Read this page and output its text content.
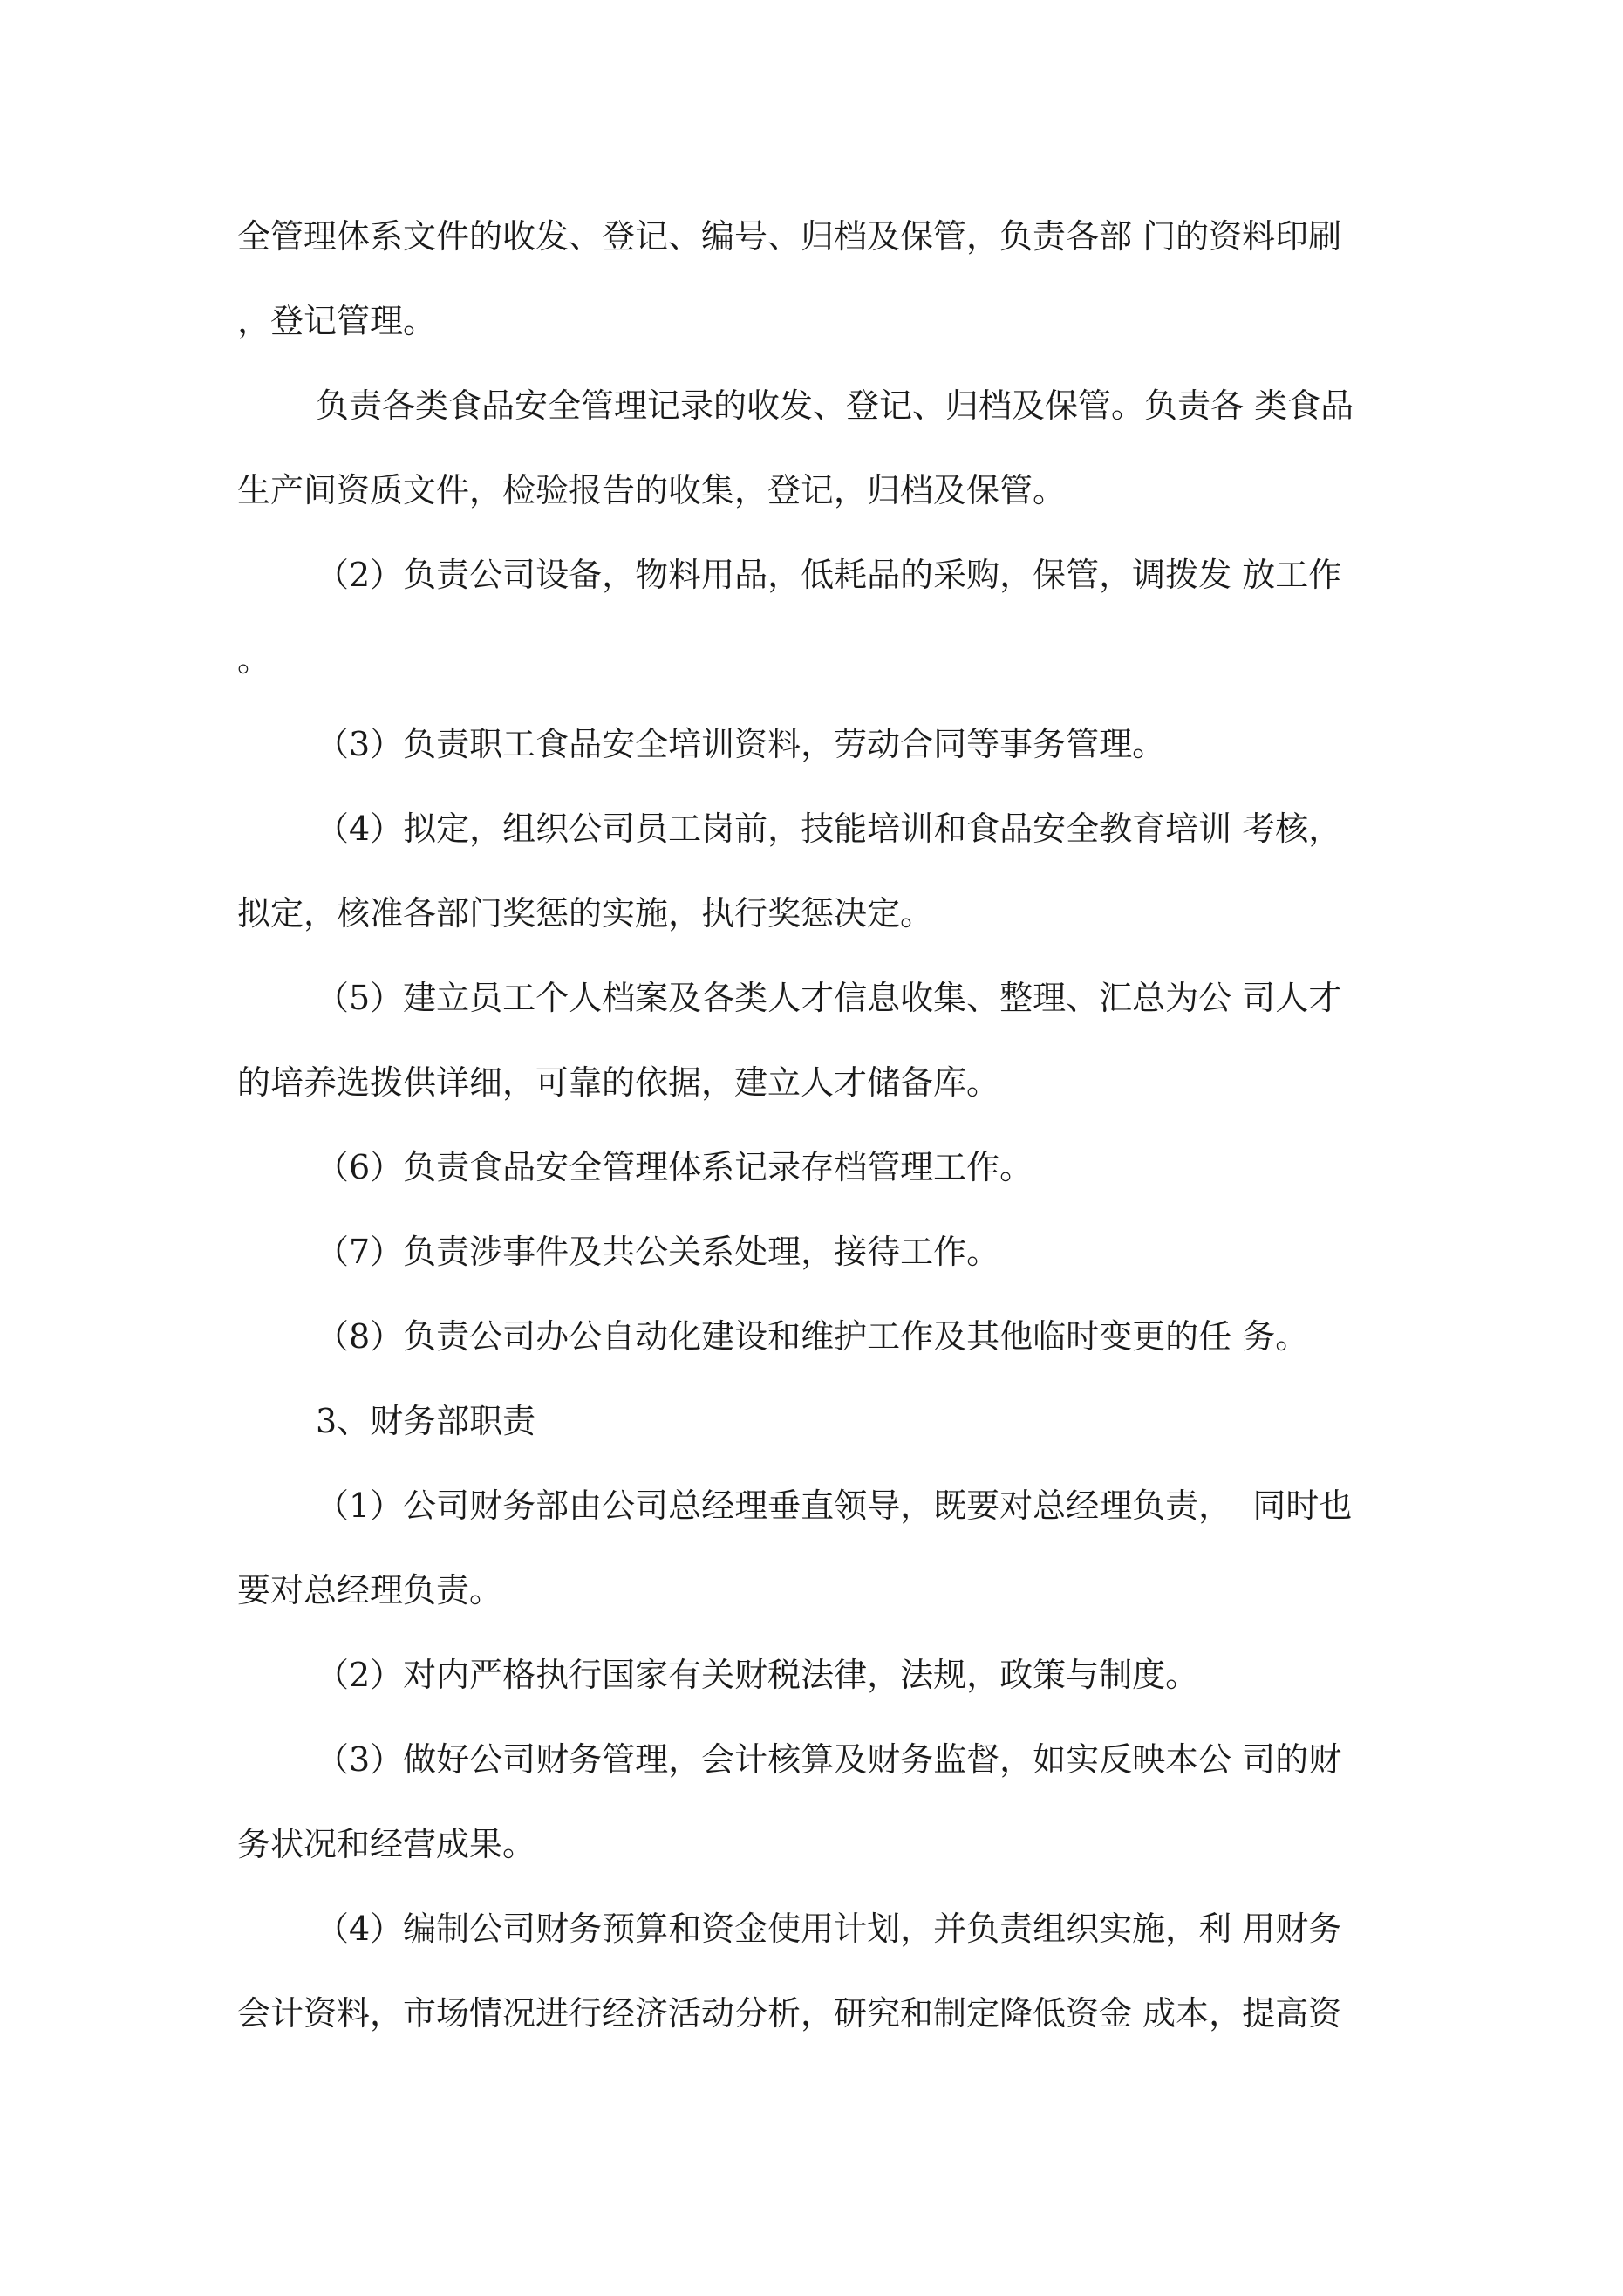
全管理体系文件的收发、登记、编号、归档及保管，负责各部 门的资料印刷
，登记管理。
负责各类食品安全管理记录的收发、登记、归档及保管。负责各 类食品
生产间资质文件，检验报告的收集，登记，归档及保管。
（2）负责公司设备，物料用品，低耗品的采购，保管，调拨发 放工作
。
（3）负责职工食品安全培训资料，劳动合同等事务管理。
（4）拟定，组织公司员工岗前，技能培训和食品安全教育培训 考核，
拟定，核准各部门奖惩的实施，执行奖惩决定。
（5）建立员工个人档案及各类人才信息收集、整理、汇总为公 司人才
的培养选拨供详细，可靠的依据，建立人才储备库。
（6）负责食品安全管理体系记录存档管理工作。
（7）负责涉事件及共公关系处理，接待工作。
（8）负责公司办公自动化建设和维护工作及其他临时变更的任 务。
3、财务部职责
（1）公司财务部由公司总经理垂直领导，既要对总经理负责，  同时也
要对总经理负责。
（2）对内严格执行国家有关财税法律，法规，政策与制度。
（3）做好公司财务管理，会计核算及财务监督，如实反映本公 司的财
务状况和经营成果。
（4）编制公司财务预算和资金使用计划，并负责组织实施，利 用财务
会计资料，市场情况进行经济活动分析，研究和制定降低资金 成本，提高资
